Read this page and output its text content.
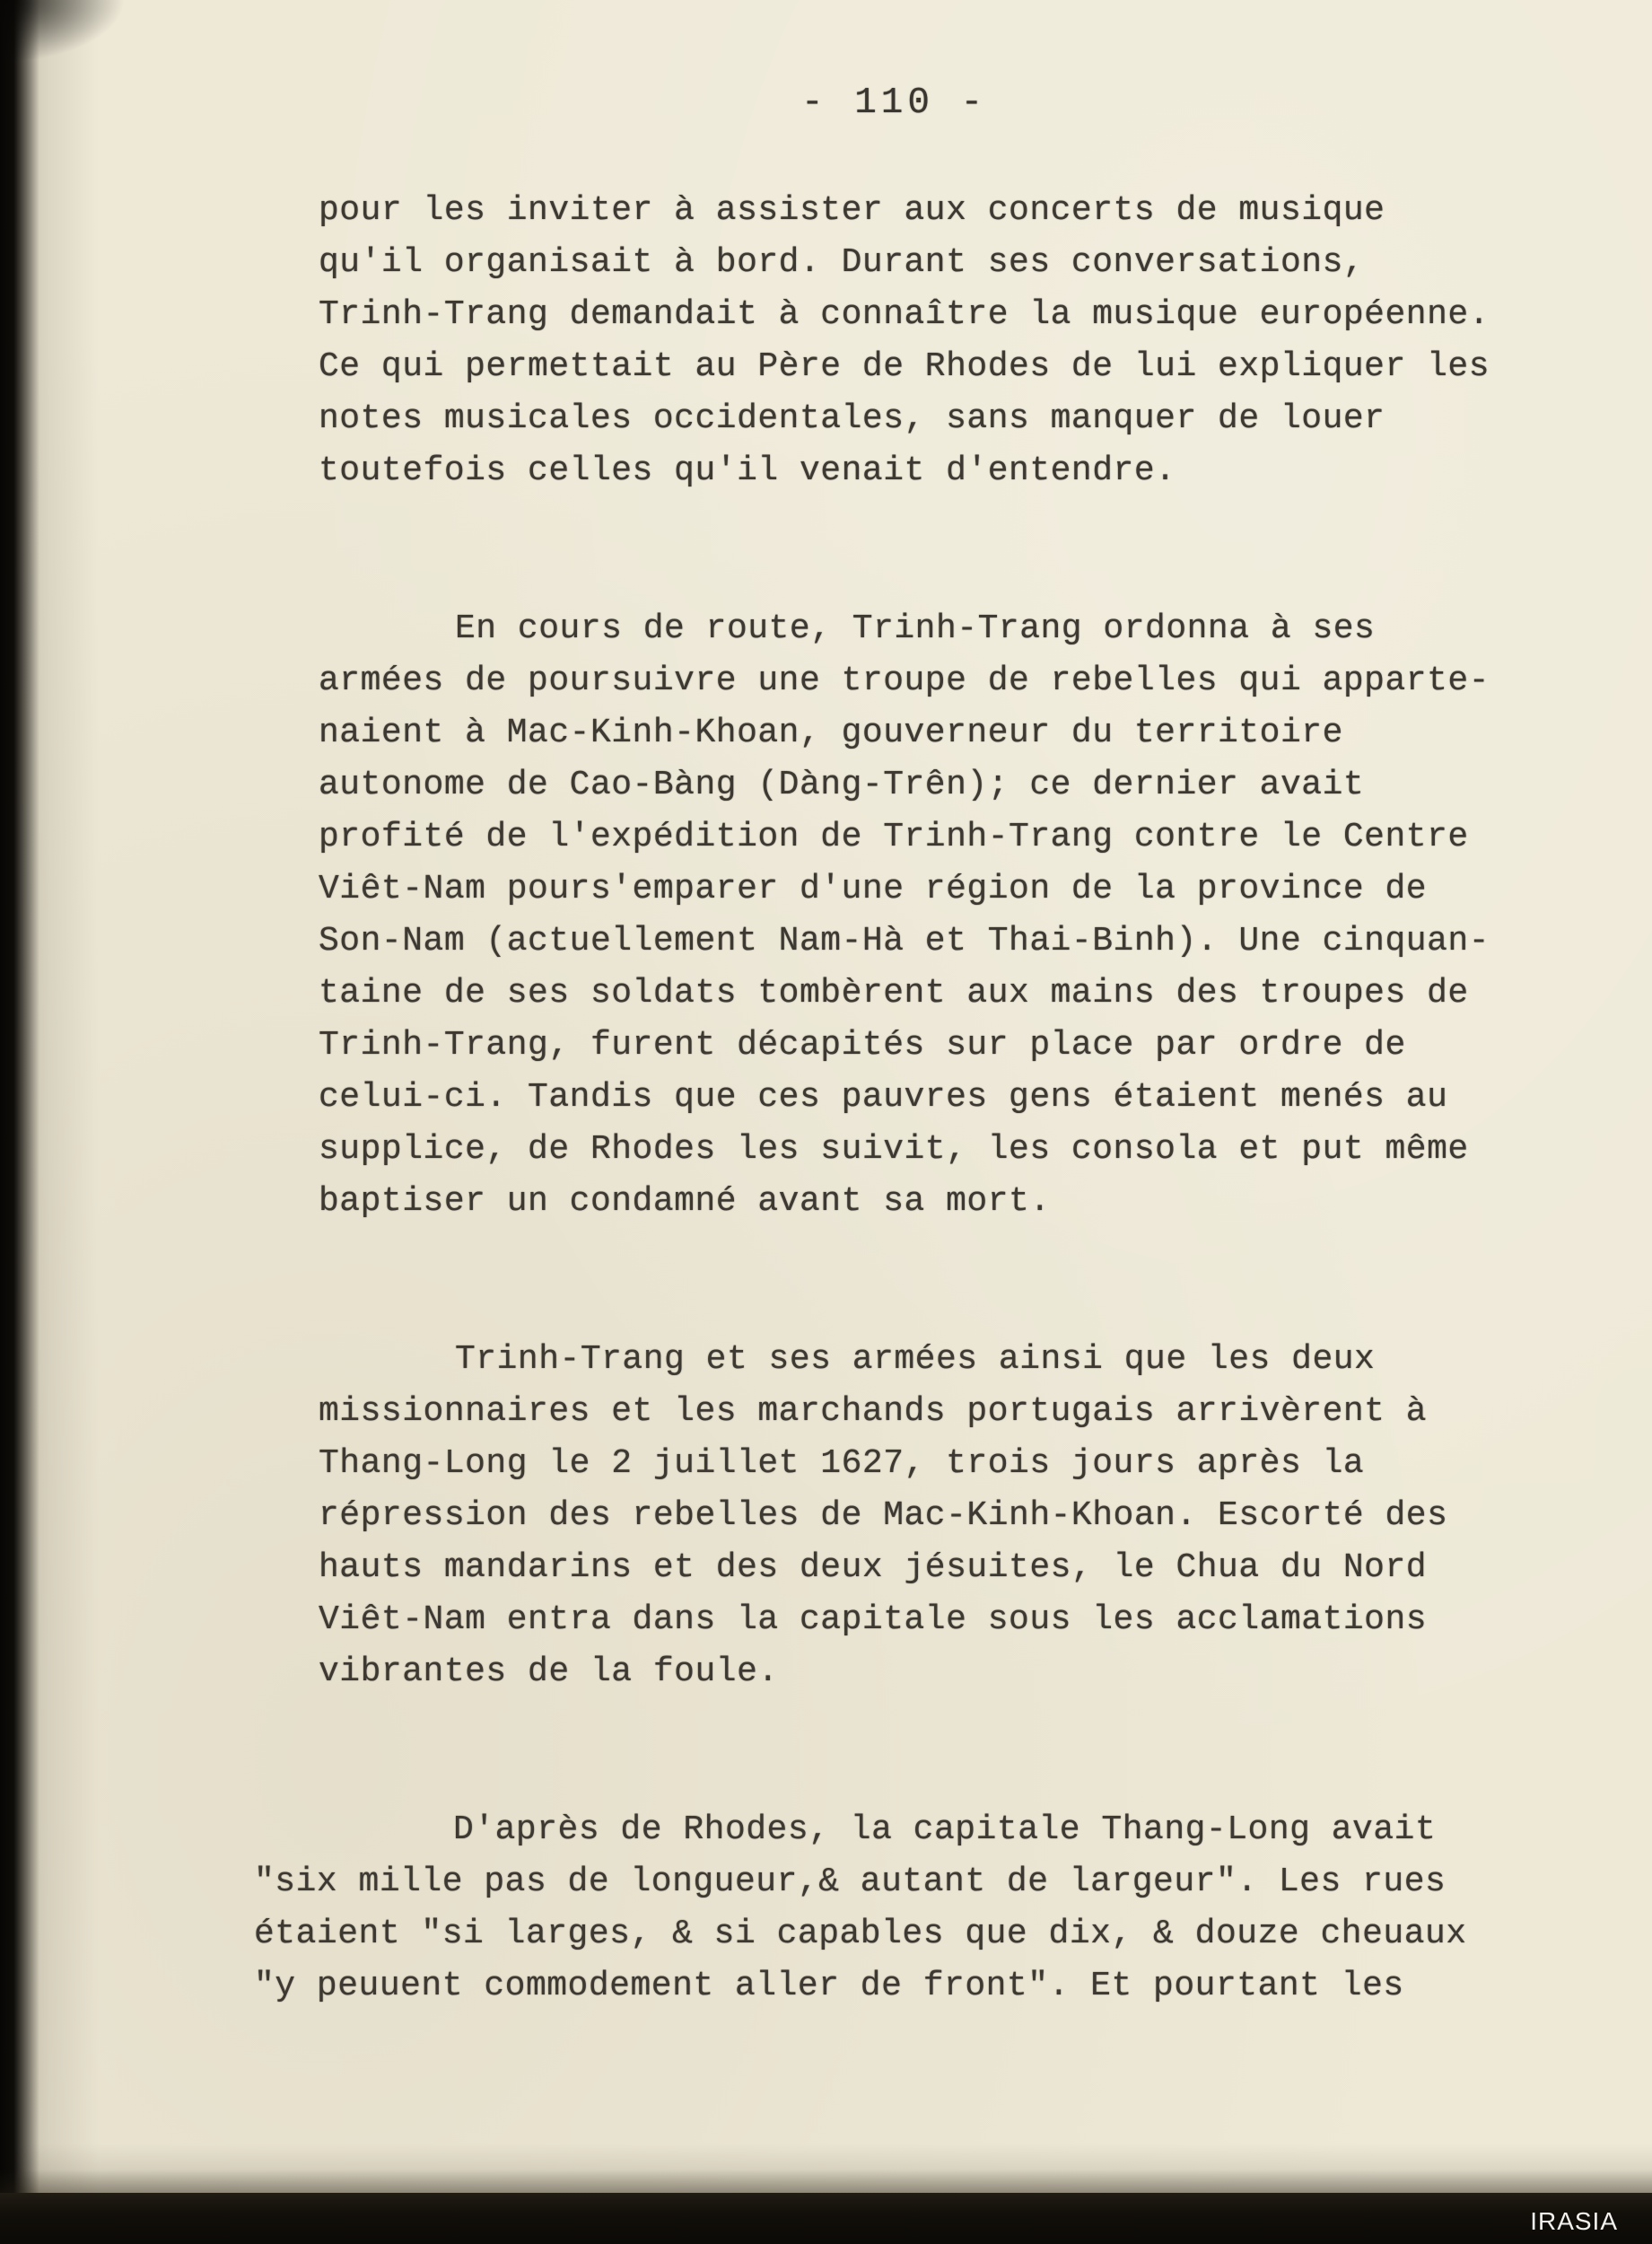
- 110 -
pour les inviter à assister aux concerts de musique
qu'il organisait à bord. Durant ses conversations,
Trinh-Trang demandait à connaître la musique européenne.
Ce qui permettait au Père de Rhodes de lui expliquer les
notes musicales occidentales, sans manquer de louer
toutefois celles qu'il venait d'entendre.
En cours de route, Trinh-Trang ordonna à ses
armées de poursuivre une troupe de rebelles qui apparte-
naient à Mac-Kinh-Khoan, gouverneur du territoire
autonome de Cao-Bàng (Dàng-Trên); ce dernier avait
profité de l'expédition de Trinh-Trang contre le Centre
Viêt-Nam pours'emparer d'une région de la province de
Son-Nam (actuellement Nam-Hà et Thai-Binh). Une cinquan-
taine de ses soldats tombèrent aux mains des troupes de
Trinh-Trang, furent décapités sur place par ordre de
celui-ci. Tandis que ces pauvres gens étaient menés au
supplice, de Rhodes les suivit, les consola et put même
baptiser un condamné avant sa mort.
Trinh-Trang et ses armées ainsi que les deux
missionnaires et les marchands portugais arrivèrent à
Thang-Long le 2 juillet 1627, trois jours après la
répression des rebelles de Mac-Kinh-Khoan. Escorté des
hauts mandarins et des deux jésuites, le Chua du Nord
Viêt-Nam entra dans la capitale sous les acclamations
vibrantes de la foule.
D'après de Rhodes, la capitale Thang-Long avait
"six mille pas de longueur,& autant de largeur". Les rues
étaient "si larges, & si capables que dix, & douze cheuaux
"y peuuent commodement aller de front". Et pourtant les
IRASIA
